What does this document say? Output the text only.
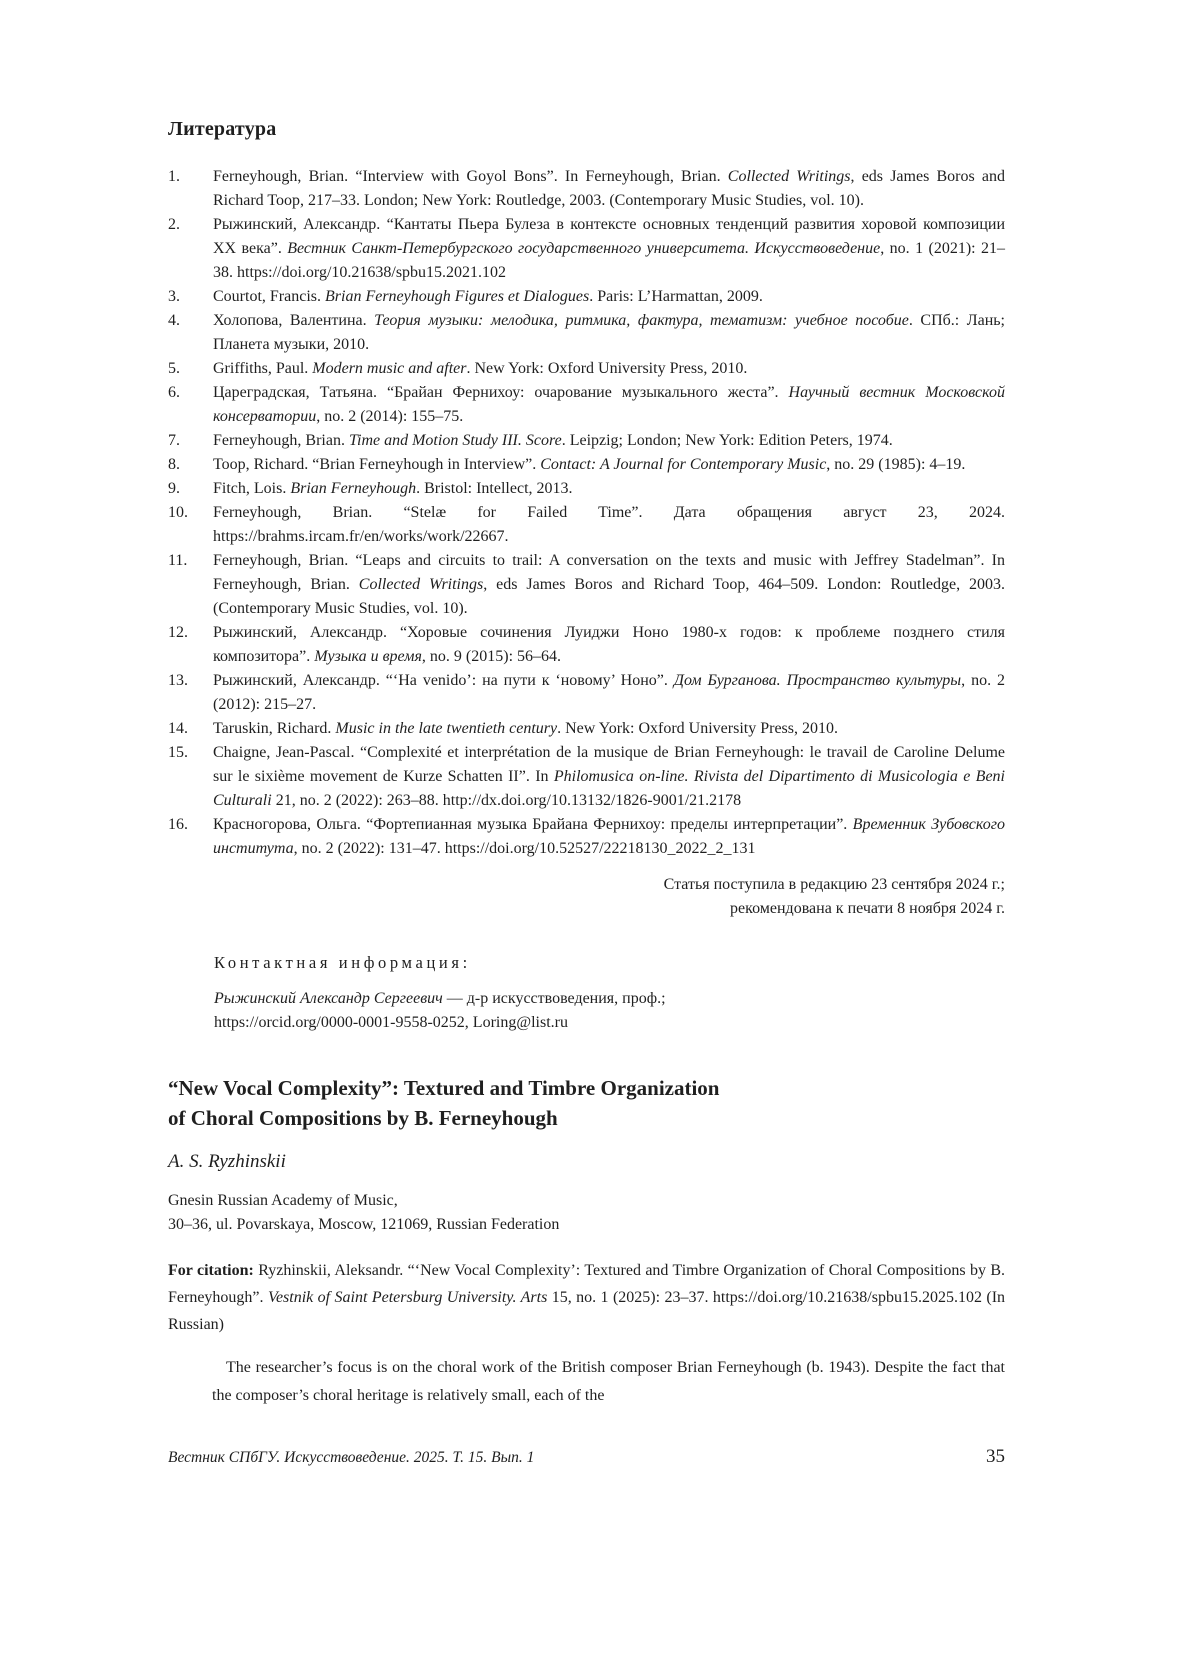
Литература
1.	Ferneyhough, Brian. “Interview with Goyol Bons”. In Ferneyhough, Brian. Collected Writings, eds James Boros and Richard Toop, 217–33. London; New York: Routledge, 2003. (Contemporary Music Studies, vol. 10).
2.	Рыжинский, Александр. “Кантаты Пьера Булеза в контексте основных тенденций развития хоровой композиции XX века”. Вестник Санкт-Петербургского государственного университета. Искусствоведение, no. 1 (2021): 21–38. https://doi.org/10.21638/spbu15.2021.102
3.	Courtot, Francis. Brian Ferneyhough Figures et Dialogues. Paris: L’Harmattan, 2009.
4.	Холопова, Валентина. Теория музыки: мелодика, ритмика, фактура, тематизм: учебное пособие. СПб.: Лань; Планета музыки, 2010.
5.	Griffiths, Paul. Modern music and after. New York: Oxford University Press, 2010.
6.	Цареградская, Татьяна. “Брайан Фернихоу: очарование музыкального жеста”. Научный вестник Московской консерватории, no. 2 (2014): 155–75.
7.	Ferneyhough, Brian. Time and Motion Study III. Score. Leipzig; London; New York: Edition Peters, 1974.
8.	Toop, Richard. “Brian Ferneyhough in Interview”. Contact: A Journal for Contemporary Music, no. 29 (1985): 4–19.
9.	Fitch, Lois. Brian Ferneyhough. Bristol: Intellect, 2013.
10.	Ferneyhough, Brian. “Stelæ for Failed Time”. Дата обращения август 23, 2024. https://brahms.ircam.fr/en/works/work/22667.
11.	Ferneyhough, Brian. “Leaps and circuits to trail: A conversation on the texts and music with Jeffrey Stadelman”. In Ferneyhough, Brian. Collected Writings, eds James Boros and Richard Toop, 464–509. London: Routledge, 2003. (Contemporary Music Studies, vol. 10).
12.	Рыжинский, Александр. “Хоровые сочинения Луиджи Ноно 1980-х годов: к проблеме позднего стиля композитора”. Музыка и время, no. 9 (2015): 56–64.
13.	Рыжинский, Александр. “‘Ha venido’: на пути к ‘новому’ Ноно”. Дом Бурганова. Пространство культуры, no. 2 (2012): 215–27.
14.	Taruskin, Richard. Music in the late twentieth century. New York: Oxford University Press, 2010.
15.	Chaigne, Jean-Pascal. “Complexité et interprétation de la musique de Brian Ferneyhough: le travail de Caroline Delume sur le sixième movement de Kurze Schatten II”. In Philomusica on-line. Rivista del Dipartimento di Musicologia e Beni Culturali 21, no. 2 (2022): 263–88. http://dx.doi.org/10.13132/1826-9001/21.2178
16.	Красногорова, Ольга. “Фортепианная музыка Брайана Фернихоу: пределы интерпретации”. Временник Зубовского института, no. 2 (2022): 131–47. https://doi.org/10.52527/22218130_2022_2_131

Статья поступила в редакцию 23 сентября 2024 г.;

рекомендована к печати 8 ноября 2024 г.

Контактная информация:

Рыжинский Александр Сергеевич — д-р искусствоведения, проф.;

https://orcid.org/0000-0001-9558-0252, Loring@list.ru

“New Vocal Complexity”: Textured and Timbre Organization

of Choral Compositions by B. Ferneyhough

A. S. Ryzhinskii

Gnesin Russian Academy of Music,

30–36, ul. Povarskaya, Moscow, 121069, Russian Federation

For citation: Ryzhinskii, Aleksandr. “‘New Vocal Complexity’: Textured and Timbre Organization of Choral Compositions by B. Ferneyhough”. Vestnik of Saint Petersburg University. Arts 15, no. 1 (2025): 23–37. https://doi.org/10.21638/spbu15.2025.102 (In Russian)

The researcher’s focus is on the choral work of the British composer Brian Ferneyhough (b. 1943). Despite the fact that the composer’s choral heritage is relatively small, each of the

Вестник СПбГУ. Искусствоведение. 2025. Т. 15. Вып. 1	35
